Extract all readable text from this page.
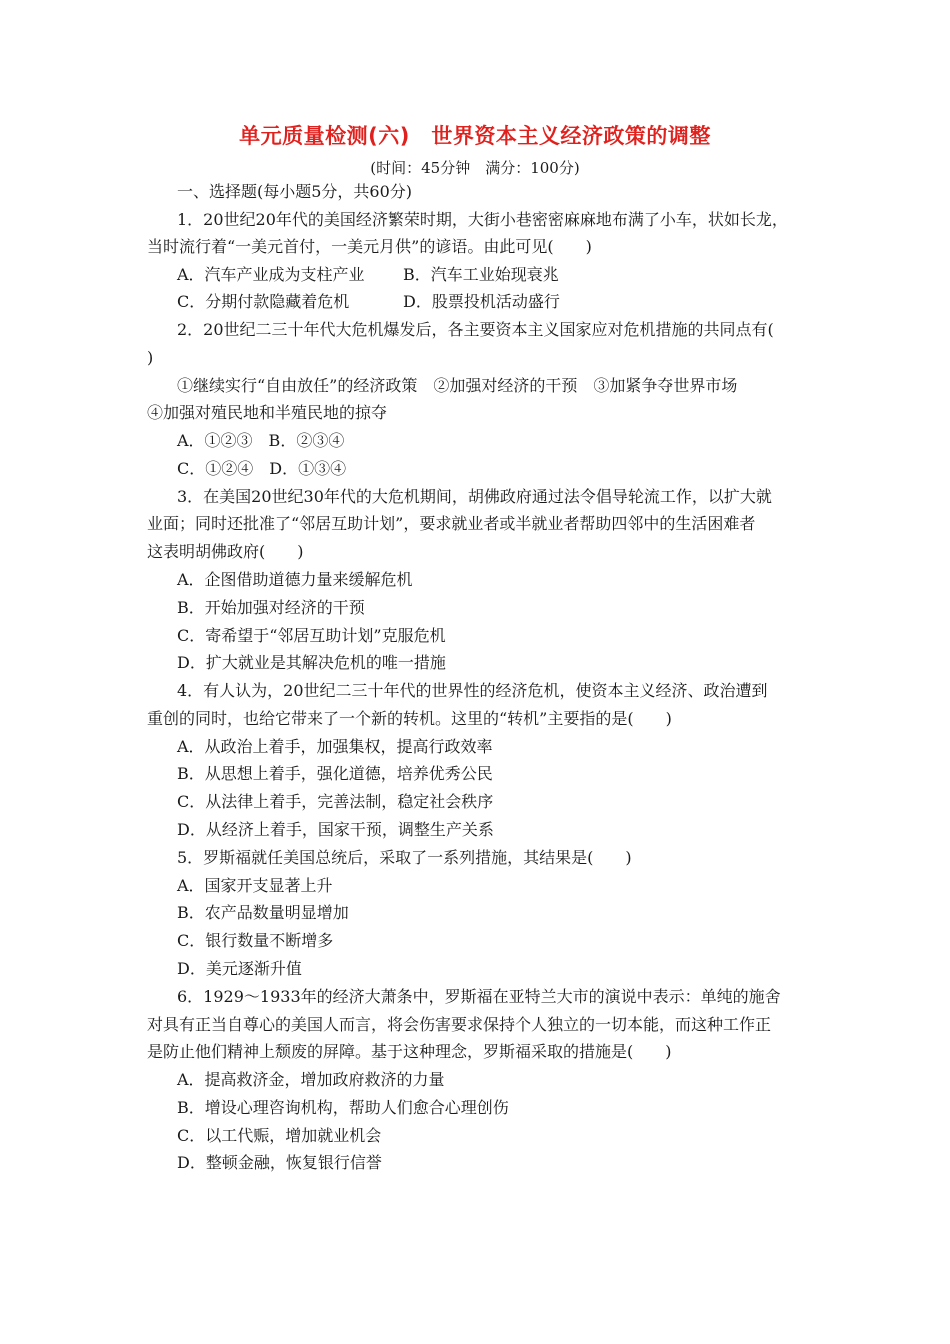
单元质量检测(六)　世界资本主义经济政策的调整
(时间：45分钟　满分：100分)
一、选择题(每小题5分，共60分)
1．20世纪20年代的美国经济繁荣时期，大街小巷密密麻麻地布满了小车，状如长龙，
当时流行着“一美元首付，一美元月供”的谚语。由此可见(　　)
A．汽车产业成为支柱产业 B．汽车工业始现衰兆
C．分期付款隐藏着危机	D．股票投机活动盛行
2．20世纪二三十年代大危机爆发后，各主要资本主义国家应对危机措施的共同点有(
)
①继续实行“自由放任”的经济政策　②加强对经济的干预　③加紧争夺世界市场
④加强对殖民地和半殖民地的掠夺
A．①②③　B．②③④
C．①②④　D．①③④
3．在美国20世纪30年代的大危机期间，胡佛政府通过法令倡导轮流工作，以扩大就
业面；同时还批准了“邻居互助计划”，要求就业者或半就业者帮助四邻中的生活困难者
这表明胡佛政府(　　)
A．企图借助道德力量来缓解危机
B．开始加强对经济的干预
C．寄希望于“邻居互助计划”克服危机
D．扩大就业是其解决危机的唯一措施
4．有人认为，20世纪二三十年代的世界性的经济危机，使资本主义经济、政治遭到
重创的同时，也给它带来了一个新的转机。这里的“转机”主要指的是(　　)
A．从政治上着手，加强集权，提高行政效率
B．从思想上着手，强化道德，培养优秀公民
C．从法律上着手，完善法制，稳定社会秩序
D．从经济上着手，国家干预，调整生产关系
5．罗斯福就任美国总统后，采取了一系列措施，其结果是(　　)
A．国家开支显著上升
B．农产品数量明显增加
C．银行数量不断增多
D．美元逐渐升值
6．1929～1933年的经济大萧条中，罗斯福在亚特兰大市的演说中表示：单纯的施舍
对具有正当自尊心的美国人而言，将会伤害要求保持个人独立的一切本能，而这种工作正
是防止他们精神上颓废的屏障。基于这种理念，罗斯福采取的措施是(　　)
A．提高救济金，增加政府救济的力量
B．增设心理咨询机构，帮助人们愈合心理创伤
C．以工代赈，增加就业机会
D．整顿金融，恢复银行信誉
